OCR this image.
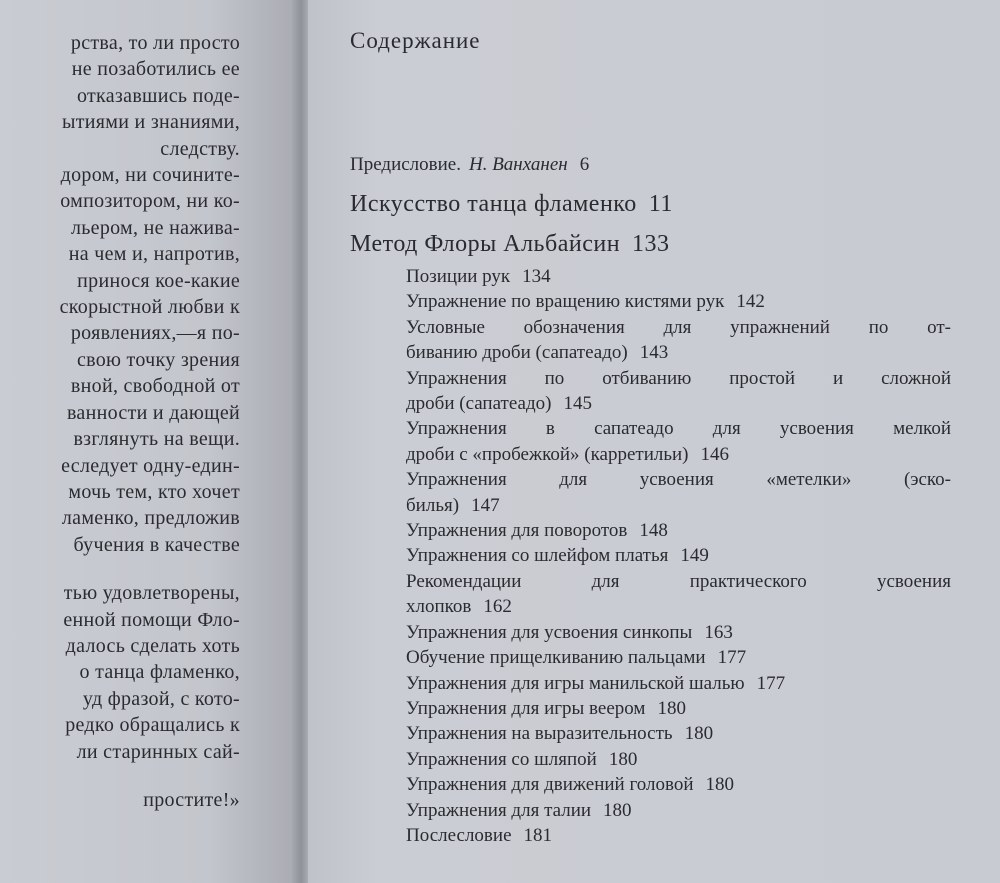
рства, то ли просто
не позаботились ее
отказавшись поде-
ытиями и знаниями,
следству.
дором, ни сочините-
омпозитором, ни ко-
льером, не нажива-
на чем и, напротив,
принося кое-какие
скорыстной любви к
роявлениях,—я по-
свою точку зрения
вной, свободной от
ванности и дающей
взглянуть на вещи.
еследует одну-един-
мочь тем, кто хочет
ламенко, предложив
бучения в качестве
тью удовлетворены,
енной помощи Фло-
далось сделать хоть
о танца фламенко,
уд фразой, с кото-
редко обращались к
ли старинных сай-
простите!»
Содержание
Предисловие. Н. Ванханен 6
Искусство танца фламенко 11
Метод Флоры Альбайсин 133
Позиции рук 134
Упражнение по вращению кистями рук 142
Условные обозначения для упражнений по от-
биванию дроби (сапатеадо) 143
Упражнения по отбиванию простой и сложной
дроби (сапатеадо) 145
Упражнения в сапатеадо для усвоения мелкой
дроби с «пробежкой» (карретильи) 146
Упражнения для усвоения «метелки» (эско-
билья) 147
Упражнения для поворотов 148
Упражнения со шлейфом платья 149
Рекомендации для практического усвоения
хлопков 162
Упражнения для усвоения синкопы 163
Обучение прищелкиванию пальцами 177
Упражнения для игры манильской шалью 177
Упражнения для игры веером 180
Упражнения на выразительность 180
Упражнения со шляпой 180
Упражнения для движений головой 180
Упражнения для талии 180
Послесловие 181
